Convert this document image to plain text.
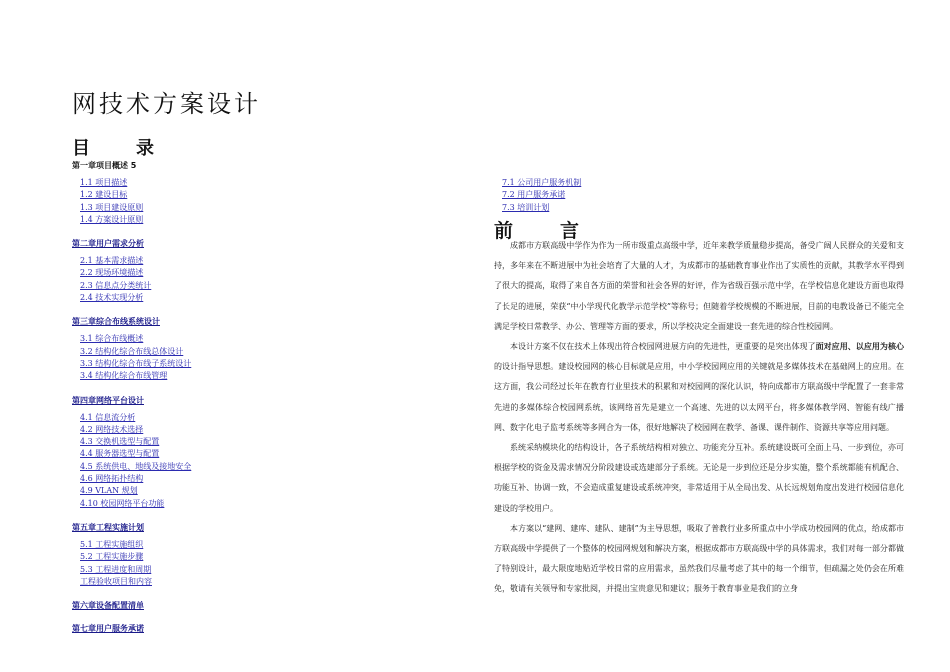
网技术方案设计
目　录
第一章项目概述 5
1.1 项目描述
1.2 建设目标
1.3 项目建设原则
1.4 方案设计原则
第二章用户需求分析
2.1 基本需求描述
2.2 现场环境描述
2.3 信息点分类统计
2.4 技术实现分析
第三章综合布线系统设计
3.1 综合布线概述
3.2 结构化综合布线总体设计
3.3 结构化综合布线子系统设计
3.4 结构化综合布线管理
第四章网络平台设计
4.1 信息流分析
4.2 网络技术选择
4.3 交换机选型与配置
4.4 服务器选型与配置
4.5 系统供电、地线及接地安全
4.6 网络拓扑结构
4.9 VLAN 规划
4.10 校园网络平台功能
第五章工程实施计划
5.1 工程实施组织
5.2 工程实施步骤
5.3 工程进度和周期
工程验收项目和内容
第六章设备配置清单
第七章用户服务承诺
7.1 公司用户服务机制
7.2 用户服务承诺
7.3 培训计划
前　言

成都市方联高级中学作为作为一所市级重点高级中学，近年来教学质量稳步提高，备受广阔人民群众的关爱和支持，多年来在不断进展中为社会培育了大量的人才，为成都市的基础教育事业作出了实质性的贡献，其教学水平得到了很大的提高，取得了来自各方面的荣誉和社会各界的好评，作为省级百强示范中学，在学校信息化建设方面也取得了长足的进展，荣获“中小学现代化教学示范学校”等称号；但随着学校规模的不断进展，目前的电教设备已不能完全满足学校日常教学、办公、管理等方面的要求，所以学校决定全面建设一套先进的综合性校园网。

本设计方案不仅在技术上体现出符合校园网进展方向的先进性，更重要的是突出体现了面对应用、以应用为核心的设计指导思想。建设校园网的核心目标就是应用，中小学校园网应用的关键就是多媒体技术在基础网上的应用。在这方面，我公司经过长年在教育行业里技术的积累和对校园网的深化认识，特向成都市方联高级中学配置了一套非常先进的多媒体综合校园网系统，该网络首先是建立一个高速、先进的以太网平台，将多媒体教学网、智能有线广播网、数字化电子监考系统等多网合为一体，很好地解决了校园网在教学、备课、课件制作、资源共享等应用问题。

系统采纳模块化的结构设计，各子系统结构相对独立、功能充分互补。系统建设既可全面上马、一步到位，亦可根据学校的资金及需求情况分阶段建设或选建部分子系统。无论是一步到位还是分步实施，整个系统都能有机配合、功能互补、协调一致，不会造成重复建设或系统冲突，非常适用于从全局出发、从长远规划角度出发进行校园信息化建设的学校用户。

本方案以“建网、建库、建队、建制”为主导思想，吸取了普教行业多所重点中小学成功校园网的优点，给成都市方联高级中学提供了一个整体的校园网规划和解决方案，根据成都市方联高级中学的具体需求，我们对每一部分都做了特别设计，最大限度地贴近学校日常的应用需求，虽然我们尽量考虑了其中的每一个细节，但疏漏之处仍会在所难免，敬请有关领导和专家批阅，并提出宝贵意见和建议；服务于教育事业是我们的立身
